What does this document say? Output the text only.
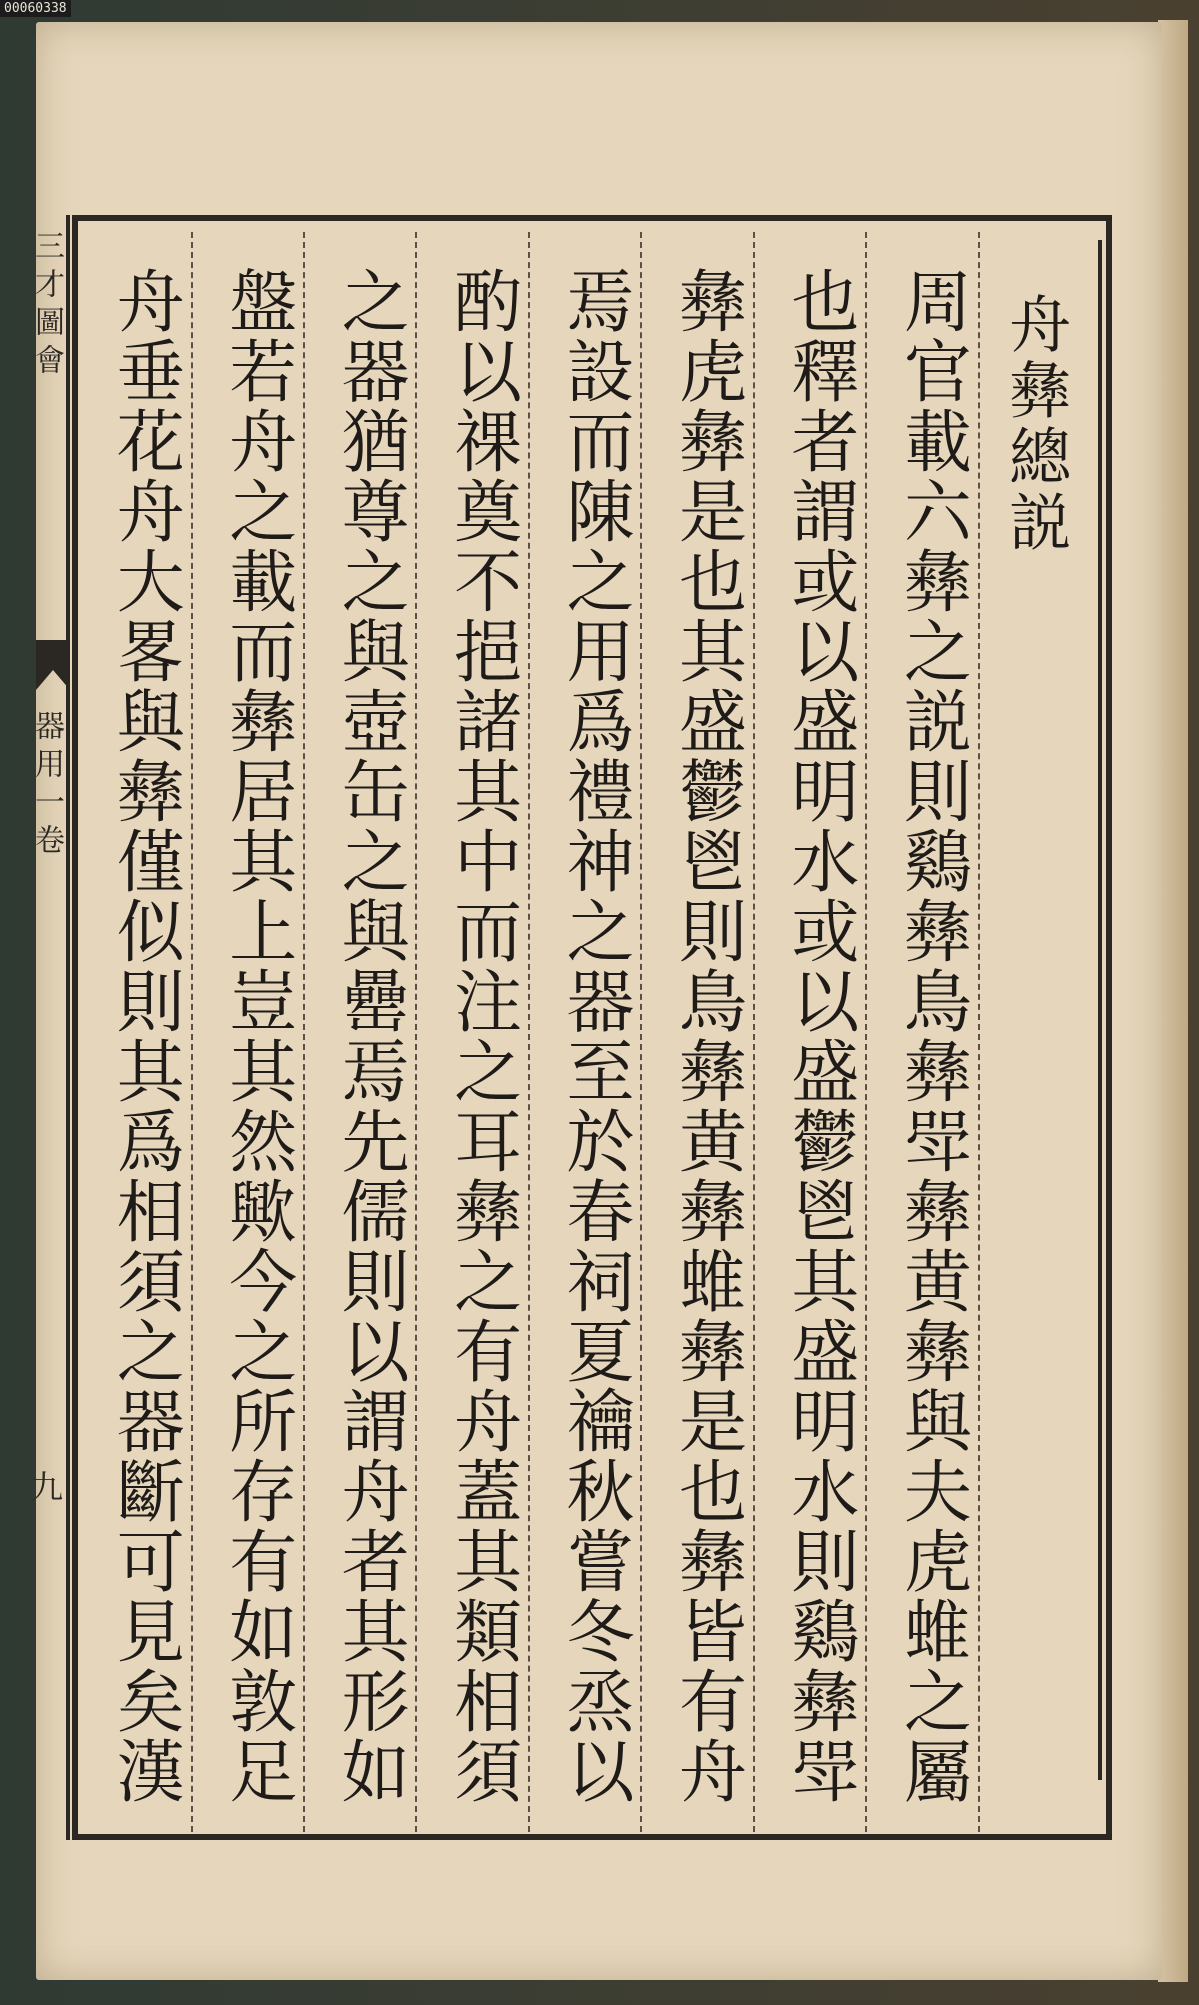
00060338
三才圖會
器用一卷
九
舟彝總説
周官載六彝之説則鷄彝鳥彝斝彝黄彝與夫虎蜼之屬
也釋者謂或以盛明水或以盛鬱鬯其盛明水則鷄彝斝
彝虎彝是也其盛鬱鬯則鳥彝黄彝蜼彝是也彝皆有舟
焉設而陳之用爲禮神之器至於春祠夏禴秋嘗冬烝以
酌以祼奠不挹諸其中而注之耳彝之有舟蓋其類相須
之器猶尊之與壺缶之與罍焉先儒則以謂舟者其形如
盤若舟之載而彝居其上豈其然歟今之所存有如敦足
舟垂花舟大畧與彝僅似則其爲相須之器斷可見矣漢
